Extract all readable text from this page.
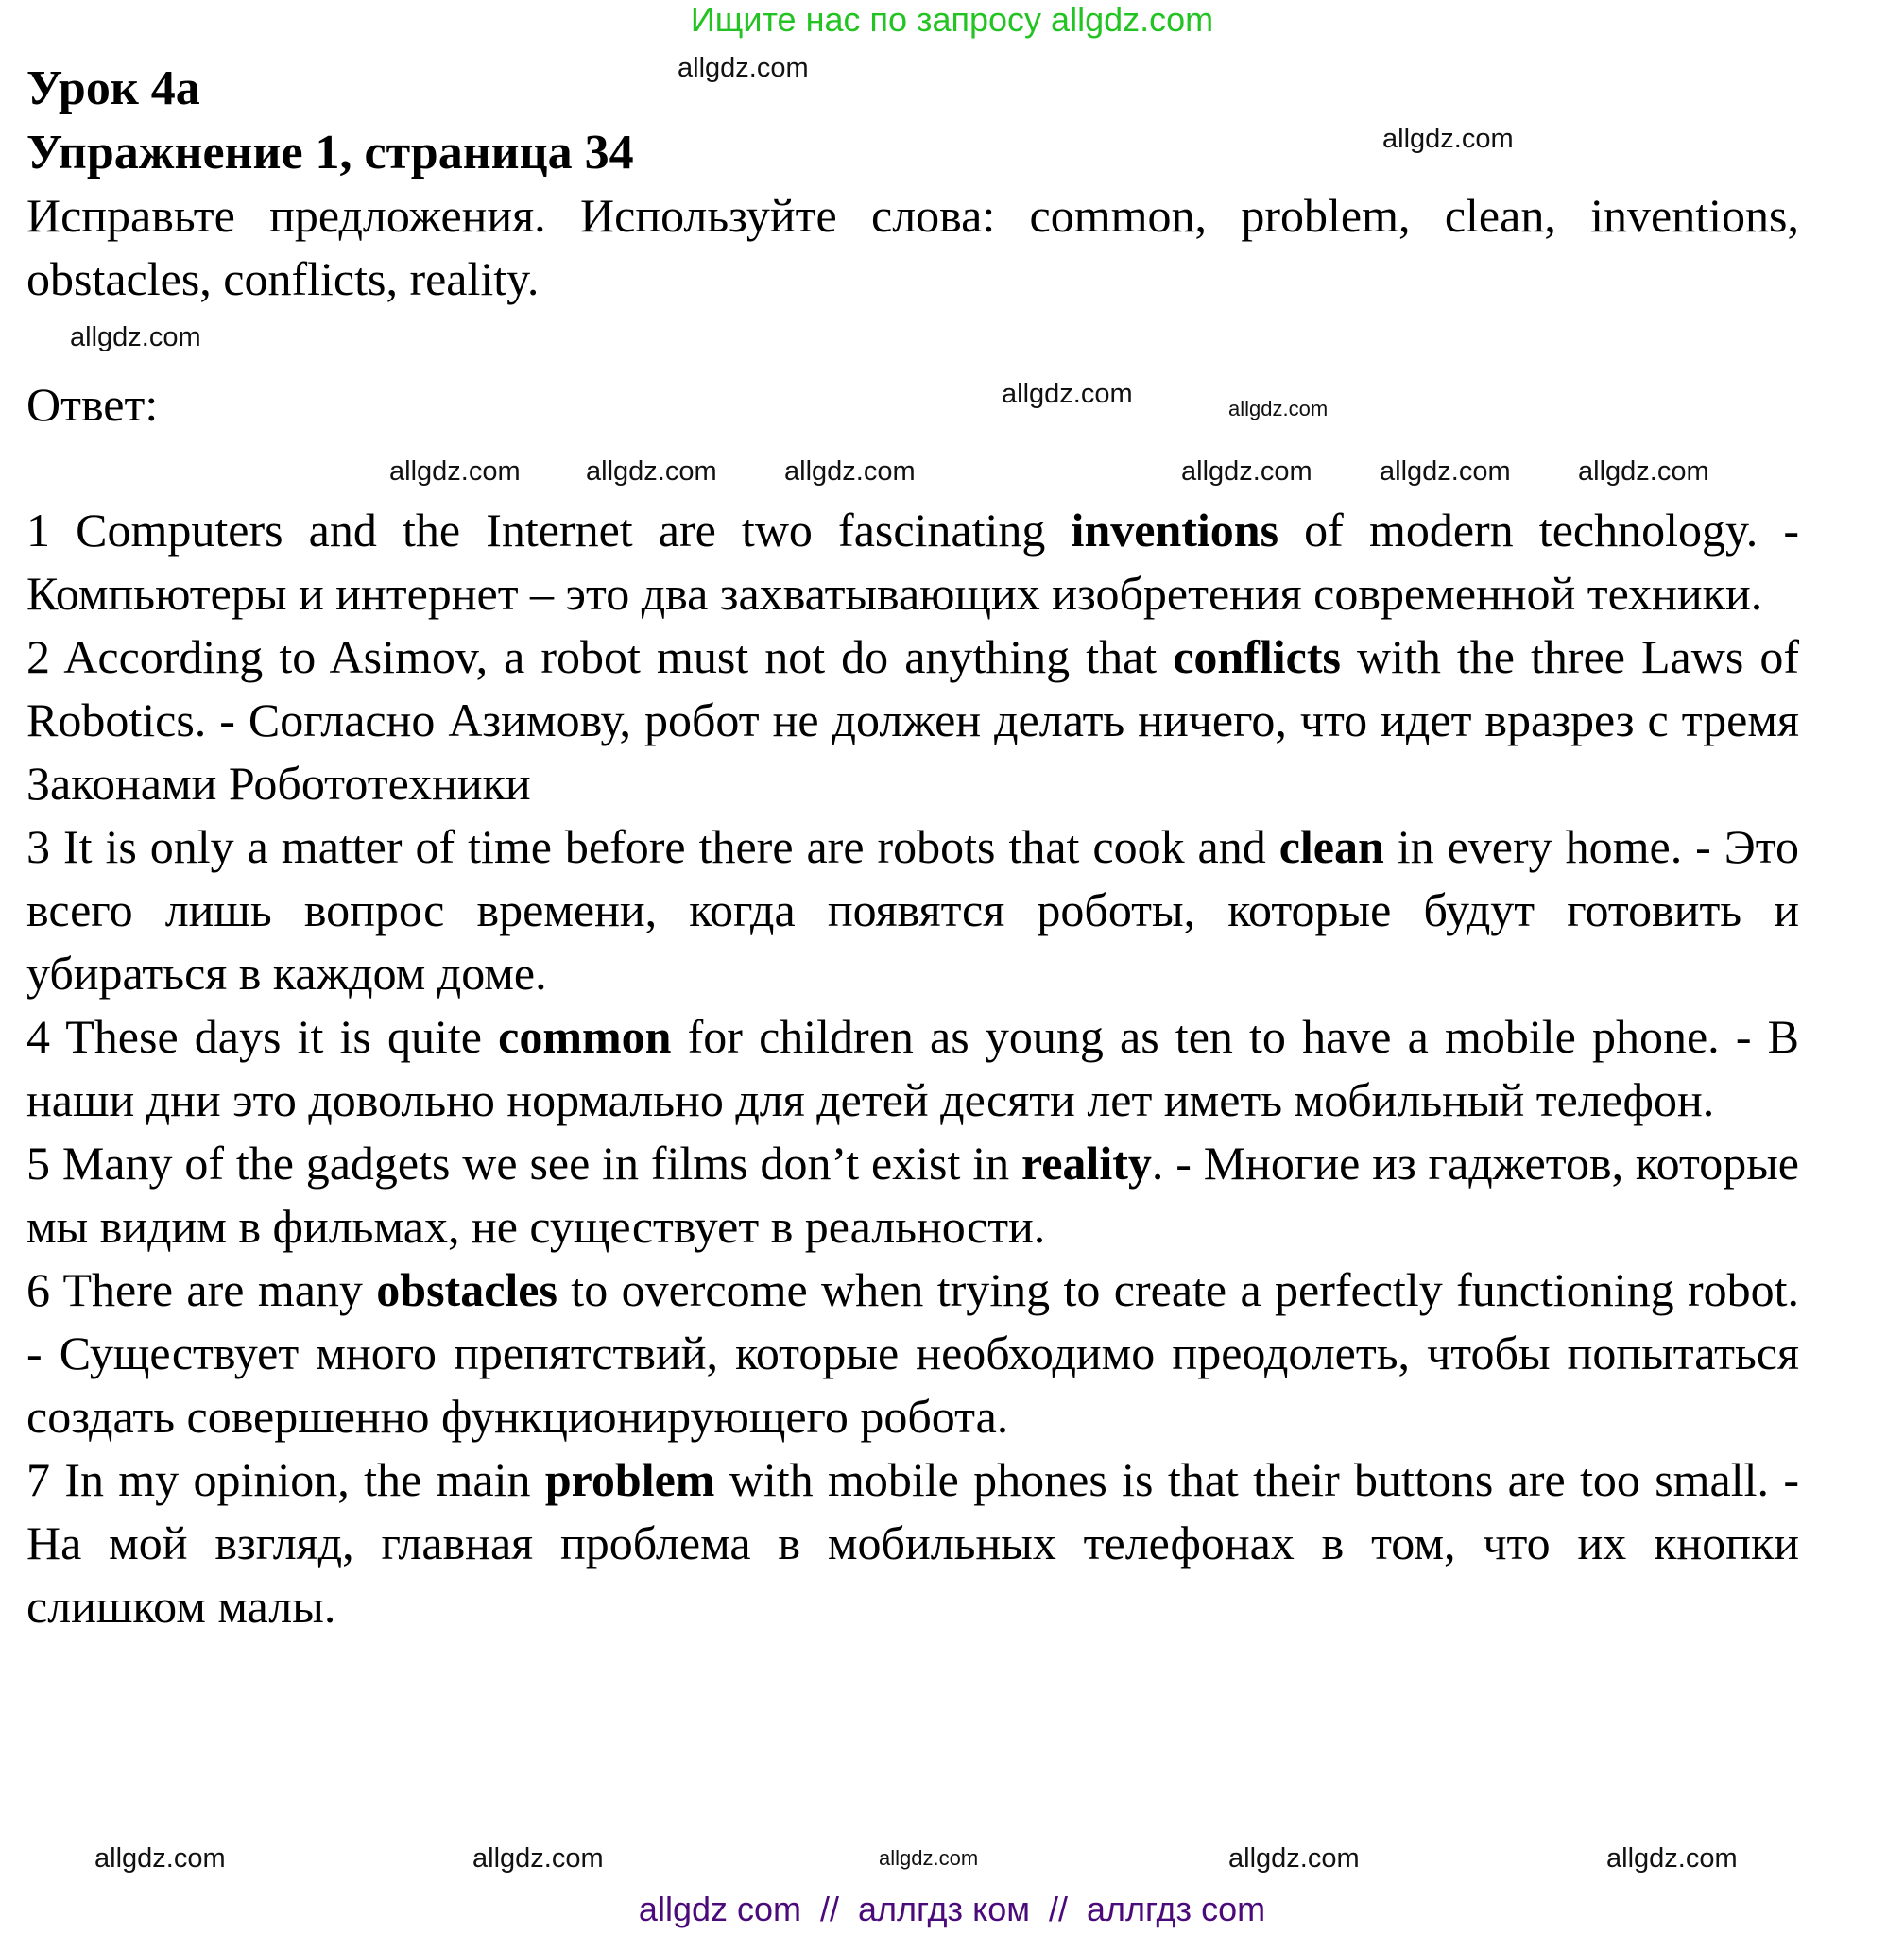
Ищите нас по запросу allgdz.com
Урок 4a
Упражнение 1, страница 34
Исправьте предложения. Используйте слова: common, problem, clean, inventions, obstacles, conflicts, reality.
Ответ:

1 Computers and the Internet are two fascinating inventions of modern technology. - Компьютеры и интернет – это два захватывающих изобретения современной техники.

2 According to Asimov, a robot must not do anything that conflicts with the three Laws of Robotics. - Согласно Азимову, робот не должен делать ничего, что идет вразрез с тремя Законами Робототехники

3 It is only a matter of time before there are robots that cook and clean in every home. - Это всего лишь вопрос времени, когда появятся роботы, которые будут готовить и убираться в каждом доме.

4 These days it is quite common for children as young as ten to have a mobile phone. - В наши дни это довольно нормально для детей десяти лет иметь мобильный телефон.

5 Many of the gadgets we see in films don’t exist in reality. - Многие из гаджетов, которые мы видим в фильмах, не существует в реальности.

6 There are many obstacles to overcome when trying to create a perfectly functioning robot. - Существует много препятствий, которые необходимо преодолеть, чтобы попытаться создать совершенно функционирующего робота.

7 In my opinion, the main problem with mobile phones is that their buttons are too small. - На мой взгляд, главная проблема в мобильных телефонах в том, что их кнопки слишком малы.

allgdz.com
allgdz.com
allgdz.com
allgdz.com
allgdz.com allgdz.com allgdz.com	allgdz.com allgdz.com allgdz.com
allgdz.com
allgdz.com	allgdz.com	allgdz.com	allgdz.com	allgdz.com
allgdz com  //  аллгдз ком  //  аллгдз com
